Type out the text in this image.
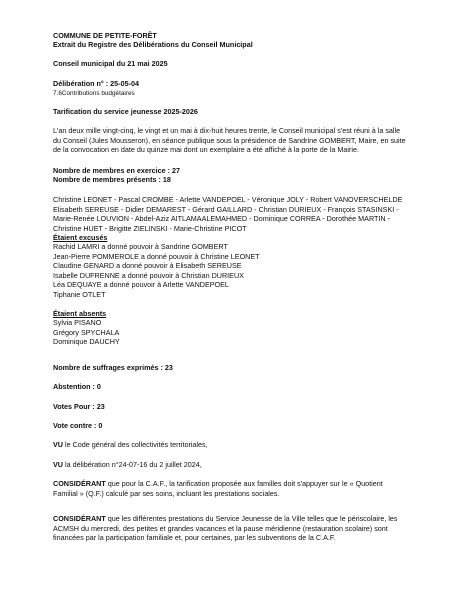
COMMUNE DE PETITE-FORÊT
Extrait du Registre des Délibérations du Conseil Municipal
Conseil municipal du 21 mai 2025
Délibération n° : 25-05-04
7.6Contributions budgétaires
Tarification du service jeunesse 2025-2026
L'an deux mille vingt-cinq, le vingt et un mai à dix-huit heures trente, le Conseil municipal s'est réuni à la salle du Conseil (Jules Mousseron), en séance publique sous la présidence de Sandrine GOMBERT, Maire, en suite de la convocation en date du quinze mai dont un exemplaire a été affiché à la porte de la Mairie.
Nombre de membres en exercice : 27
Nombre de membres présents : 18
Christine LEONET - Pascal CROMBE - Arlette VANDEPOEL - Véronique JOLY - Robert VANOVERSCHELDE Elisabeth SEREUSE - Didier DEMAREST - Gérard GAILLARD - Christian DURIEUX - François STASINSKI - Marie-Renée LOUVION - Abdel-Aziz AITLAMAALEMAHMED - Dominique CORREA - Dorothée MARTIN - Christine HUET - Brigitte ZIELINSKI - Marie-Christine PICOT
Étaient excusés
Rachid LAMRI a donné pouvoir à Sandrine GOMBERT
Jean-Pierre POMMEROLE a donné pouvoir à Christine LEONET
Claudine GENARD a donné pouvoir à Elisabeth SEREUSE
Isabelle DUFRENNE a donné pouvoir à Christian DURIEUX
Léa DEQUAYE a donné pouvoir à Arlette VANDEPOEL
Tiphanie OTLET
Étaient absents
Sylvia PISANO
Grégory SPYCHALA
Dominique DAUCHY
Nombre de suffrages exprimés : 23
Abstention : 0
Votes Pour : 23
Vote contre : 0
VU le Code général des collectivités territoriales,
VU la délibération n°24-07-16 du 2 juillet 2024,
CONSIDÉRANT que pour la C.A.F., la tarification proposée aux familles doit s'appuyer sur le « Quotient Familial » (Q.F.) calculé par ses soins, incluant les prestations sociales.
CONSIDÉRANT que les différentes prestations du Service Jeunesse de la Ville telles que le périscolaire, les ACMSH du mercredi, des petites et grandes vacances et la pause méridienne (restauration scolaire) sont financées par la participation familiale et, pour certaines, par les subventions de la C.A.F.
